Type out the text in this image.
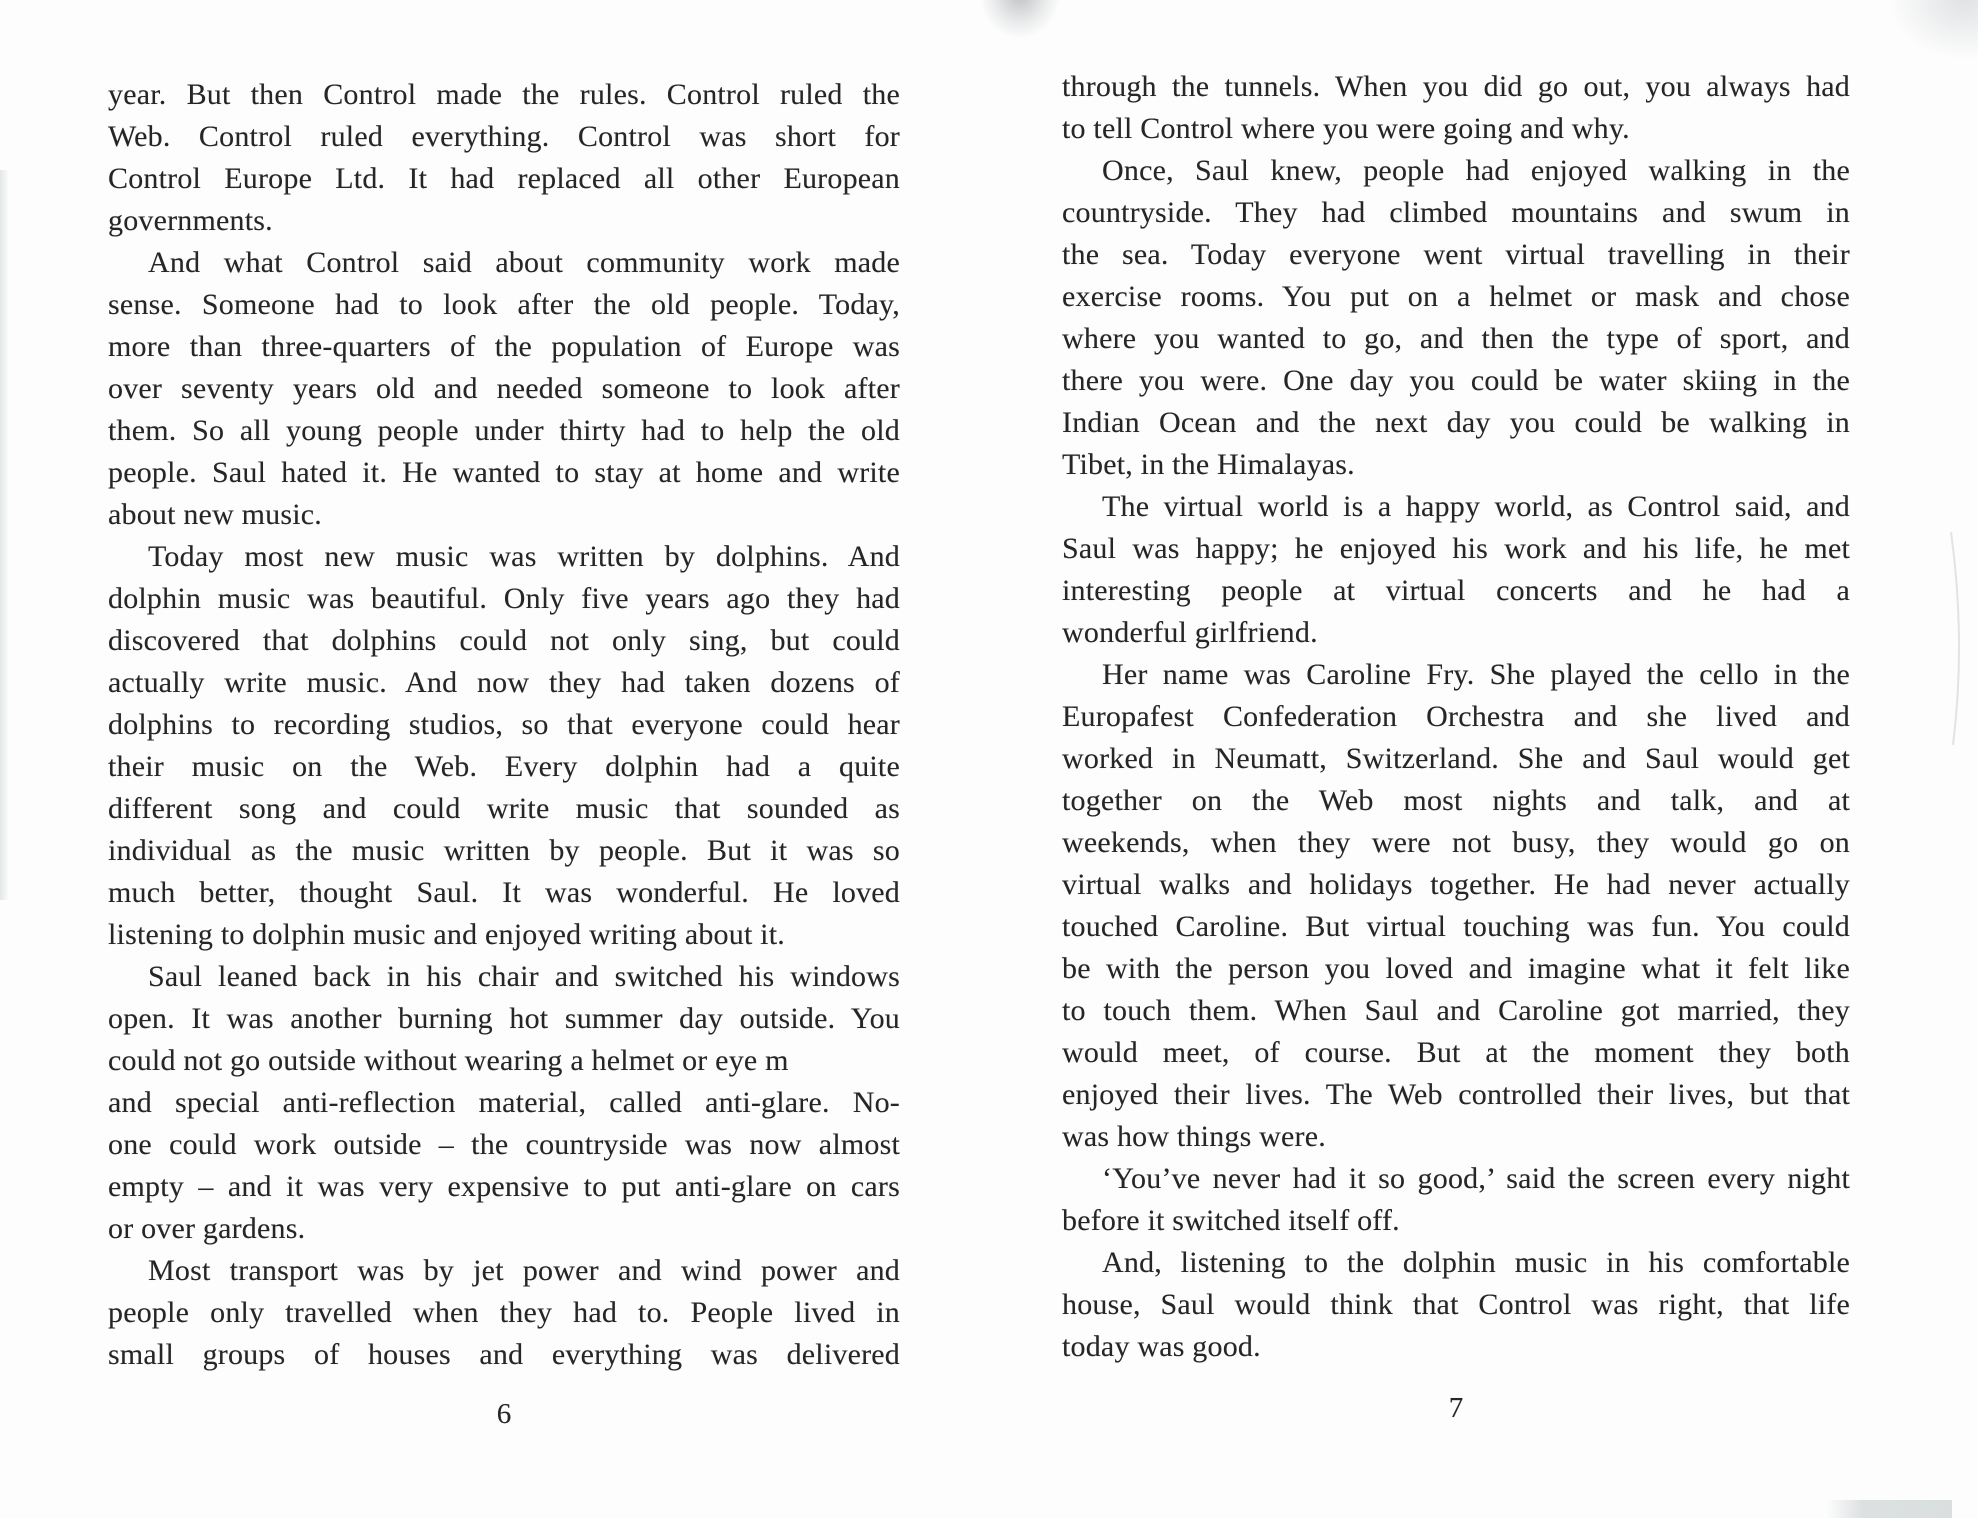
year. But then Control made the rules. Control ruled the
Web. Control ruled everything. Control was short for
Control Europe Ltd. It had replaced all other European
governments.
And what Control said about community work made
sense. Someone had to look after the old people. Today,
more than three-quarters of the population of Europe was
over seventy years old and needed someone to look after
them. So all young people under thirty had to help the old
people. Saul hated it. He wanted to stay at home and write
about new music.
Today most new music was written by dolphins. And
dolphin music was beautiful. Only five years ago they had
discovered that dolphins could not only sing, but could
actually write music. And now they had taken dozens of
dolphins to recording studios, so that everyone could hear
their music on the Web. Every dolphin had a quite
different song and could write music that sounded as
individual as the music written by people. But it was so
much better, thought Saul. It was wonderful. He loved
listening to dolphin music and enjoyed writing about it.
Saul leaned back in his chair and switched his windows
open. It was another burning hot summer day outside. You
could not go outside without wearing a helmet or eye m
and special anti-reflection material, called anti-glare. No-
one could work outside – the countryside was now almost
empty – and it was very expensive to put anti-glare on cars
or over gardens.
Most transport was by jet power and wind power and
people only travelled when they had to. People lived in
small groups of houses and everything was delivered
through the tunnels. When you did go out, you always had
to tell Control where you were going and why.
Once, Saul knew, people had enjoyed walking in the
countryside. They had climbed mountains and swum in
the sea. Today everyone went virtual travelling in their
exercise rooms. You put on a helmet or mask and chose
where you wanted to go, and then the type of sport, and
there you were. One day you could be water skiing in the
Indian Ocean and the next day you could be walking in
Tibet, in the Himalayas.
The virtual world is a happy world, as Control said, and
Saul was happy; he enjoyed his work and his life, he met
interesting people at virtual concerts and he had a
wonderful girlfriend.
Her name was Caroline Fry. She played the cello in the
Europafest Confederation Orchestra and she lived and
worked in Neumatt, Switzerland. She and Saul would get
together on the Web most nights and talk, and at
weekends, when they were not busy, they would go on
virtual walks and holidays together. He had never actually
touched Caroline. But virtual touching was fun. You could
be with the person you loved and imagine what it felt like
to touch them. When Saul and Caroline got married, they
would meet, of course. But at the moment they both
enjoyed their lives. The Web controlled their lives, but that
was how things were.
‘You’ve never had it so good,’ said the screen every night
before it switched itself off.
And, listening to the dolphin music in his comfortable
house, Saul would think that Control was right, that life
today was good.
6	7
